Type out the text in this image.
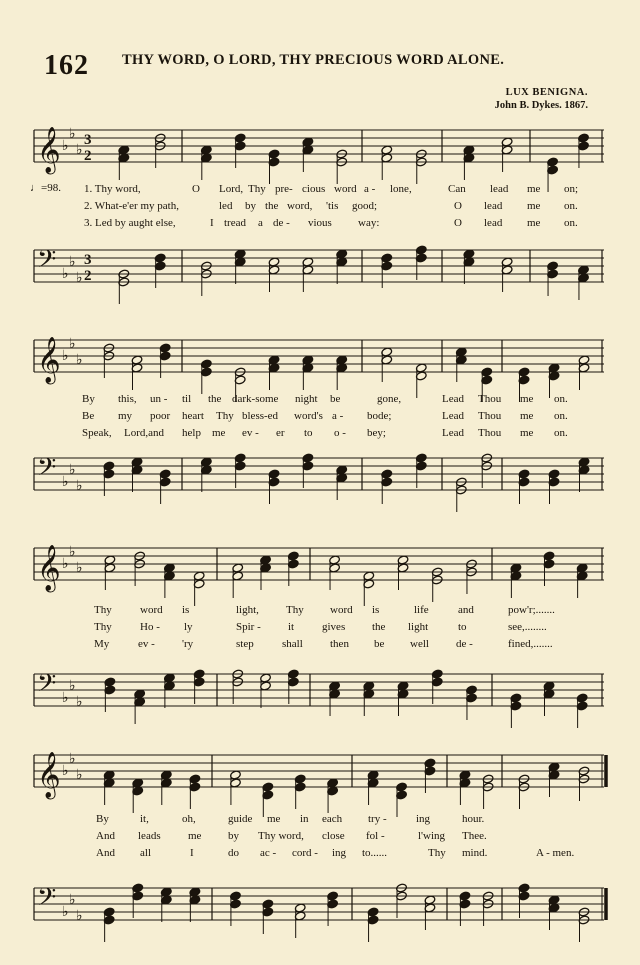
162 THY WORD, O LORD, THY PRECIOUS WORD ALONE.
LUX BENIGNA.
John B. Dykes. 1867.
𝄞 ♭
♭
♭
3
2
♩=98. 1. Thy word,	O Lord, Thy pre- cious word a - lone,	Can lead me on;
2. What-e'er my path,	led by the word, 'tis good;	O lead me on.
3. Led by aught else,	I tread a de - vious way:	O lead me on.
𝄢 ♭
♭
♭
3
2
𝄞 ♭
♭
♭
By this, un - til the dark-some night be	gone,	Lead Thou me on.
Be my poor heart Thy bless-ed word's a - bode;	Lead Thou me on.
Speak, Lord,and help me ev - er to o - bey;	Lead Thou me on.
𝄢 ♭
♭
♭
𝄞 ♭
♭
♭
Thy	word is	light, Thy word is	life	and	pow'r;.......
Thy	Ho - ly	Spir - it	gives the light	to	see,........
My	ev - 'ry	step	shall then be well de -	fined,.......
𝄢 ♭
♭
♭
𝄞 ♭
♭
♭
By	it,	oh,	guide me in each try -	ing	hour.
And leads me by Thy word, close fol -	l'wing Thee.
And all	I	do ac - cord - ing to......	Thy mind.	A - men.
𝄢 ♭
♭
♭
